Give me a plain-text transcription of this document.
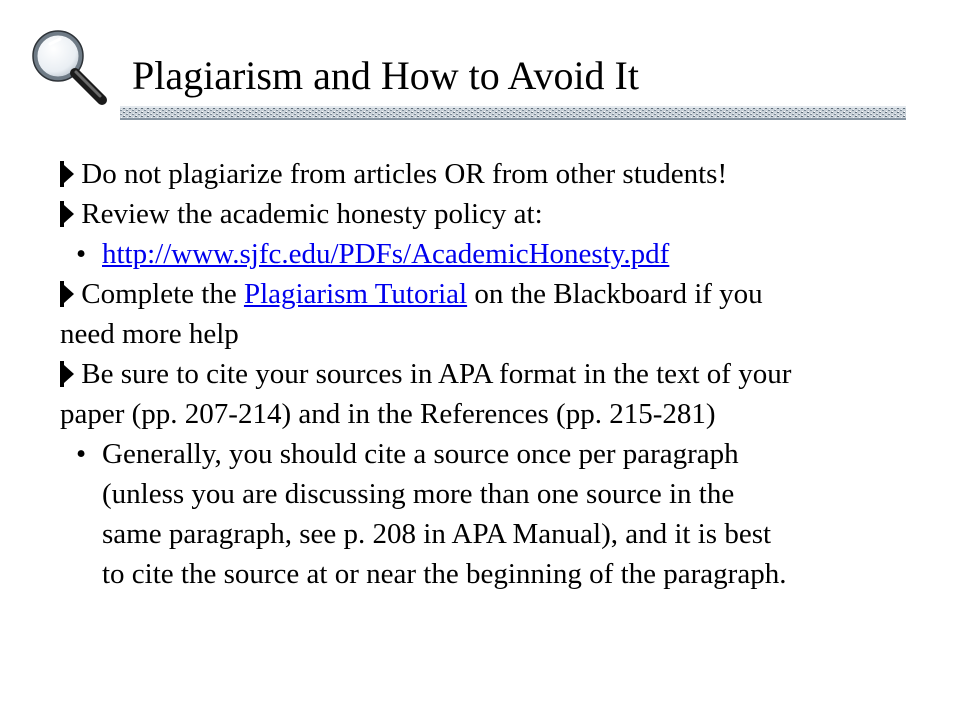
Plagiarism and How to Avoid It
Do not plagiarize from articles OR from other students!
Review the academic honesty policy at:
• http://www.sjfc.edu/PDFs/AcademicHonesty.pdf
Complete the Plagiarism Tutorial on the Blackboard if you
need more help
Be sure to cite your sources in APA format in the text of your
paper (pp. 207-214) and in the References (pp. 215-281)
• Generally, you should cite a source once per paragraph
(unless you are discussing more than one source in the
same paragraph, see p. 208 in APA Manual), and it is best
to cite the source at or near the beginning of the paragraph.
